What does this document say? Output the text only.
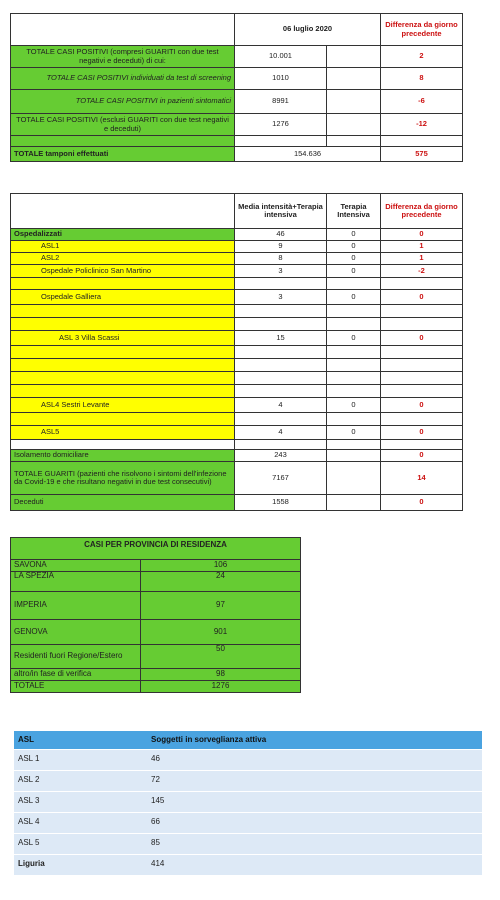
	06 luglio 2020		Differenza da giorno precedente
TOTALE CASI POSITIVI (compresi GUARITI con due test negativi e deceduti) di cui:	10.001		2
TOTALE CASI POSITIVI individuati da test di screening	1010		8
TOTALE CASI POSITIVI in pazienti sintomatici	8991		-6
TOTALE CASI POSITIVI (esclusi GUARITI con due test negativi e deceduti)	1276		-12

TOTALE tamponi effettuati	154.636		575
	Media intensità+Terapia intensiva	Terapia Intensiva	Differenza da giorno precedente
Ospedalizzati	46	0	0
ASL1	9	0	1
ASL2	8	0	1
Ospedale Policlinico San Martino	3	0	-2

Ospedale Galliera	3	0	0

ASL 3 Villa Scassi	15	0	0

ASL4 Sestri Levante	4	0	0

ASL5	4	0	0

Isolamento domiciliare	243		0
TOTALE GUARITI (pazienti che risolvono i sintomi dell'infezione da Covid-19 e che risultano negativi in due test consecutivi)	7167		14
Deceduti	1558		0
CASI PER PROVINCIA DI RESIDENZA	
SAVONA	106
LA SPEZIA	24
IMPERIA	97
GENOVA	901
Residenti fuori Regione/Estero	50
altro/in fase di verifica	98
TOTALE	1276
ASL	Soggetti in sorveglianza attiva
ASL 1	46
ASL 2	72
ASL 3	145
ASL 4	66
ASL 5	85
Liguria	414
